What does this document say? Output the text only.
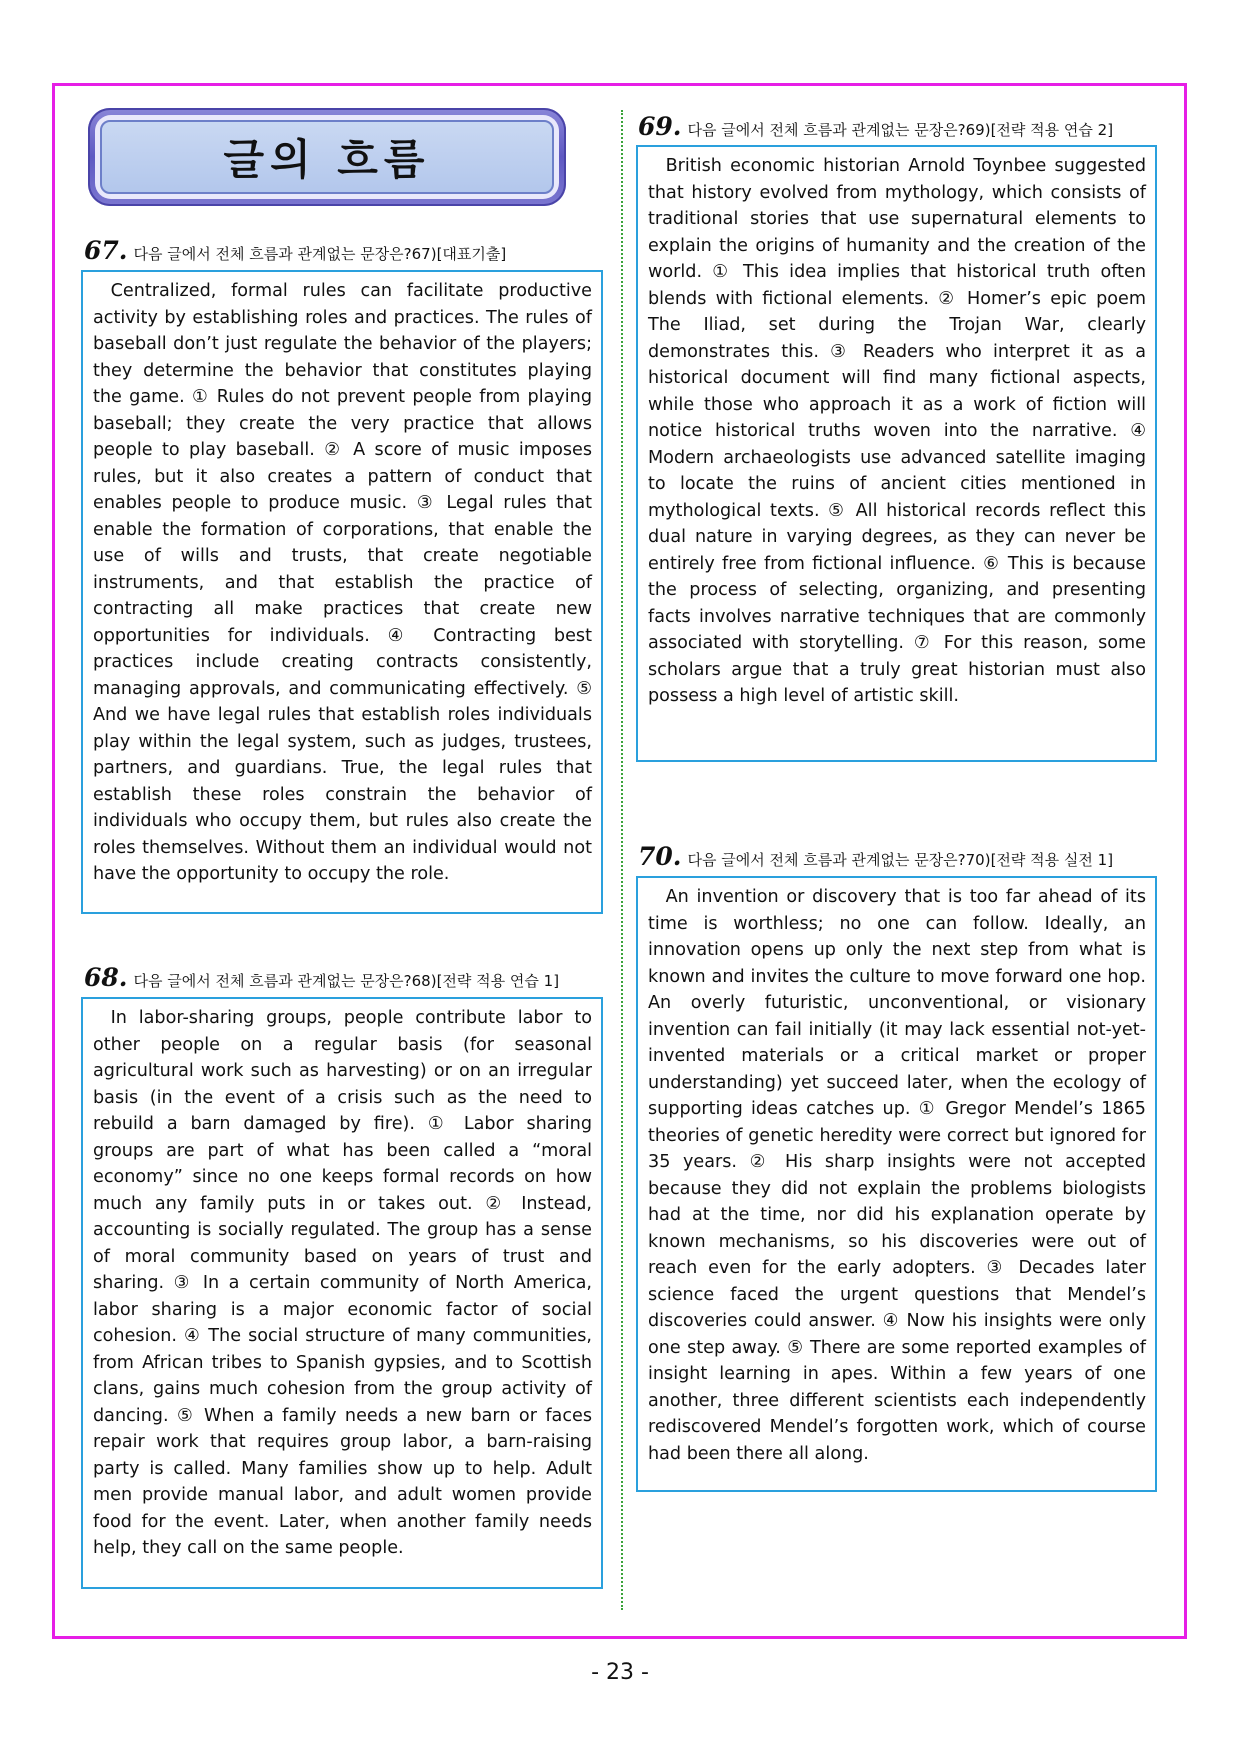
글의 흐름
67. 다음 글에서 전체 흐름과 관계없는 문장은?67)[대표기출]

 Centralized, formal rules can facilitate productive activity by establishing roles and practices. The rules of baseball don’t just regulate the behavior of the players; they determine the behavior that constitutes playing the game. ① Rules do not prevent people from playing baseball; they create the very practice that allows people to play baseball. ② A score of music imposes rules, but it also creates a pattern of conduct that enables people to produce music. ③ Legal rules that enable the formation of corporations, that enable the use of wills and trusts, that create negotiable instruments, and that establish the practice of contracting all make practices that create new opportunities for individuals. ④ Contracting best practices include creating contracts consistently, managing approvals, and communicating effectively. ⑤ And we have legal rules that establish roles individuals play within the legal system, such as judges, trustees, partners, and guardians. True, the legal rules that establish these roles constrain the behavior of individuals who occupy them, but rules also create the roles themselves. Without them an individual would not have the opportunity to occupy the role.

68. 다음 글에서 전체 흐름과 관계없는 문장은?68)[전략 적용 연습 1]

 In labor-sharing groups, people contribute labor to other people on a regular basis (for seasonal agricultural work such as harvesting) or on an irregular basis (in the event of a crisis such as the need to rebuild a barn damaged by fire). ① Labor sharing groups are part of what has been called a “moral economy” since no one keeps formal records on how much any family puts in or takes out. ② Instead, accounting is socially regulated. The group has a sense of moral community based on years of trust and sharing. ③ In a certain community of North America, labor sharing is a major economic factor of social cohesion. ④ The social structure of many communities, from African tribes to Spanish gypsies, and to Scottish clans, gains much cohesion from the group activity of dancing. ⑤ When a family needs a new barn or faces repair work that requires group labor, a barn-raising party is called. Many families show up to help. Adult men provide manual labor, and adult women provide food for the event. Later, when another family needs help, they call on the same people.

69. 다음 글에서 전체 흐름과 관계없는 문장은?69)[전략 적용 연습 2]

 British economic historian Arnold Toynbee suggested that history evolved from mythology, which consists of traditional stories that use supernatural elements to explain the origins of humanity and the creation of the world. ① This idea implies that historical truth often blends with fictional elements. ② Homer’s epic poem The Iliad, set during the Trojan War, clearly demonstrates this. ③ Readers who interpret it as a historical document will find many fictional aspects, while those who approach it as a work of fiction will notice historical truths woven into the narrative. ④ Modern archaeologists use advanced satellite imaging to locate the ruins of ancient cities mentioned in mythological texts. ⑤ All historical records reflect this dual nature in varying degrees, as they can never be entirely free from fictional influence. ⑥ This is because the process of selecting, organizing, and presenting facts involves narrative techniques that are commonly associated with storytelling. ⑦ For this reason, some scholars argue that a truly great historian must also possess a high level of artistic skill.

70. 다음 글에서 전체 흐름과 관계없는 문장은?70)[전략 적용 실전 1]

 An invention or discovery that is too far ahead of its time is worthless; no one can follow. Ideally, an innovation opens up only the next step from what is known and invites the culture to move forward one hop. An overly futuristic, unconventional, or visionary invention can fail initially (it may lack essential not-yet-invented materials or a critical market or proper understanding) yet succeed later, when the ecology of supporting ideas catches up. ① Gregor Mendel’s 1865 theories of genetic heredity were correct but ignored for 35 years. ② His sharp insights were not accepted because they did not explain the problems biologists had at the time, nor did his explanation operate by known mechanisms, so his discoveries were out of reach even for the early adopters. ③ Decades later science faced the urgent questions that Mendel’s discoveries could answer. ④ Now his insights were only one step away. ⑤ There are some reported examples of insight learning in apes. Within a few years of one another, three different scientists each independently rediscovered Mendel’s forgotten work, which of course had been there all along.

- 23 -
